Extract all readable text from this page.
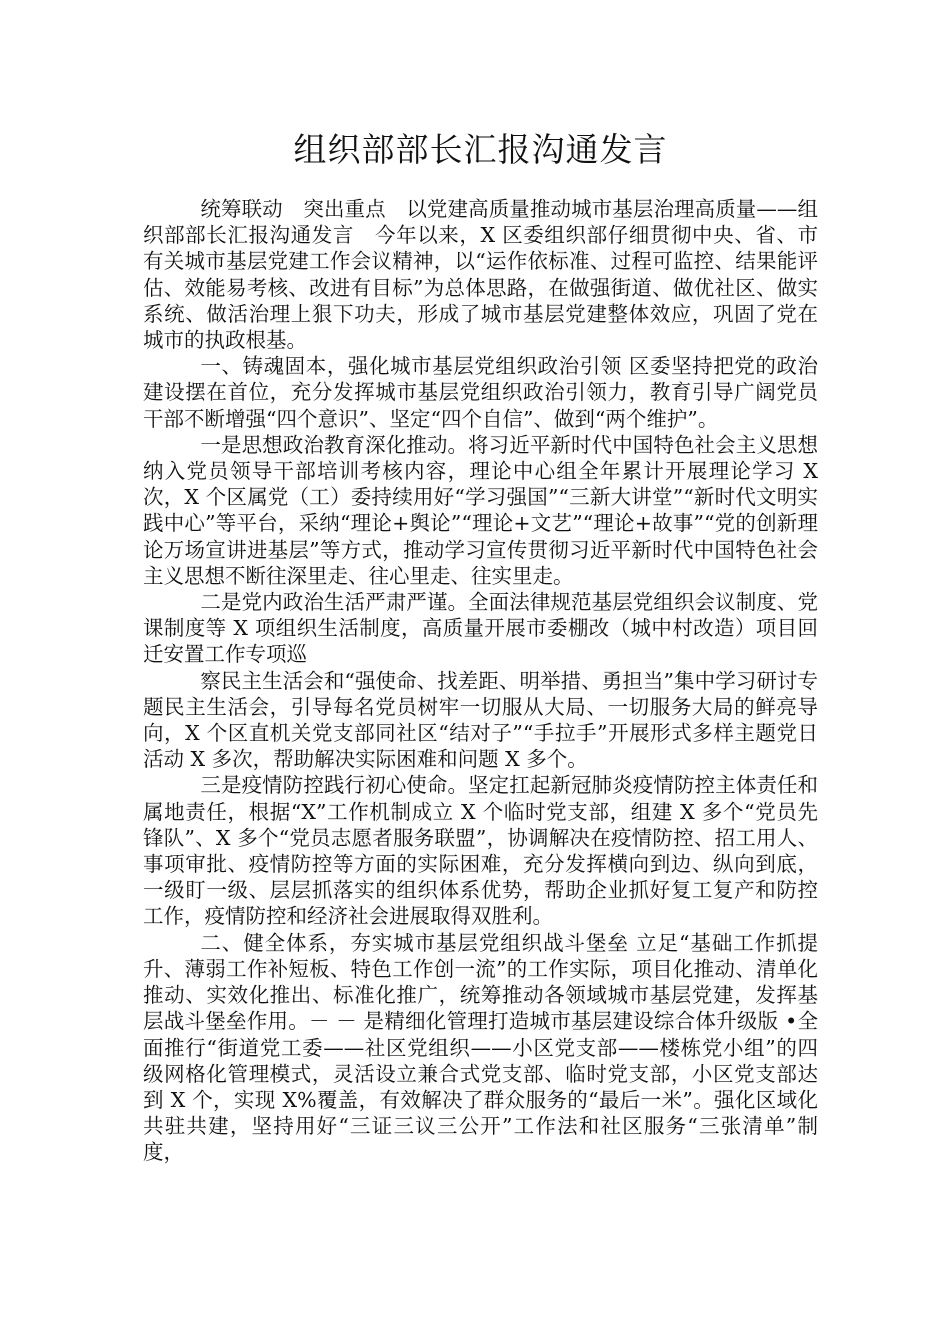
组织部部长汇报沟通发言

统筹联动　突出重点　以党建高质量推动城市基层治理高质量——组织部部长汇报沟通发言　今年以来，X 区委组织部仔细贯彻中央、省、市有关城市基层党建工作会议精神，以“运作依标准、过程可监控、结果能评估、效能易考核、改进有目标”为总体思路，在做强街道、做优社区、做实系统、做活治理上狠下功夫，形成了城市基层党建整体效应，巩固了党在城市的执政根基。

一、铸魂固本，强化城市基层党组织政治引领 区委坚持把党的政治建设摆在首位，充分发挥城市基层党组织政治引领力，教育引导广阔党员干部不断增强“四个意识”、坚定“四个自信”、做到“两个维护”。

一是思想政治教育深化推动。将习近平新时代中国特色社会主义思想纳入党员领导干部培训考核内容，理论中心组全年累计开展理论学习 X次，X 个区属党（工）委持续用好“学习强国”“三新大讲堂”“新时代文明实践中心”等平台，采纳“理论+舆论”“理论+文艺”“理论+故事”“党的创新理论万场宣讲进基层”等方式，推动学习宣传贯彻习近平新时代中国特色社会主义思想不断往深里走、往心里走、往实里走。

二是党内政治生活严肃严谨。全面法律规范基层党组织会议制度、党课制度等 X 项组织生活制度，高质量开展市委棚改（城中村改造）项目回迁安置工作专项巡

察民主生活会和“强使命、找差距、明举措、勇担当”集中学习研讨专题民主生活会，引导每名党员树牢一切服从大局、一切服务大局的鲜亮导向，X 个区直机关党支部同社区“结对子”“手拉手”开展形式多样主题党日活动 X 多次，帮助解决实际困难和问题 X 多个。

三是疫情防控践行初心使命。坚定扛起新冠肺炎疫情防控主体责任和属地责任，根据“X”工作机制成立 X 个临时党支部，组建 X 多个“党员先锋队”、X 多个“党员志愿者服务联盟”，协调解决在疫情防控、招工用人、事项审批、疫情防控等方面的实际困难，充分发挥横向到边、纵向到底，一级盯一级、层层抓落实的组织体系优势，帮助企业抓好复工复产和防控工作，疫情防控和经济社会进展取得双胜利。

二、健全体系，夯实城市基层党组织战斗堡垒 立足“基础工作抓提升、薄弱工作补短板、特色工作创一流”的工作实际，项目化推动、清单化推动、实效化推出、标准化推广，统筹推动各领域城市基层党建，发挥基层战斗堡垒作用。－ － 是精细化管理打造城市基层建设综合体升级版 •全面推行“街道党工委——社区党组织——小区党支部——楼栋党小组”的四级网格化管理模式，灵活设立兼合式党支部、临时党支部，小区党支部达到 X 个，实现 X%覆盖，有效解决了群众服务的“最后一米”。强化区域化共驻共建，坚持用好“三证三议三公开”工作法和社区服务“三张清单”制度，
